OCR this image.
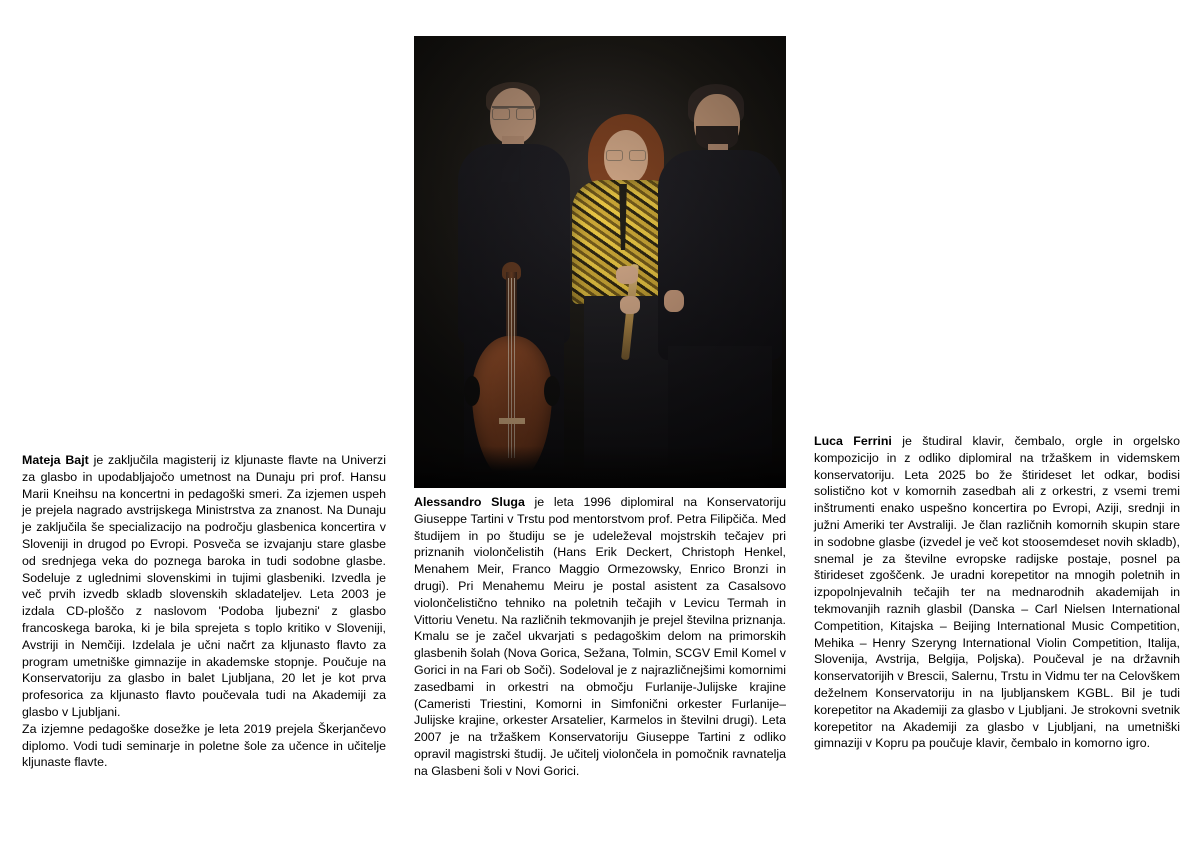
Mateja Bajt je zaključila magisterij iz kljunaste flavte na Univerzi za glasbo in upodabljajočo umetnost na Dunaju pri prof. Hansu Marii Kneihsu na koncertni in pedagoški smeri. Za izjemen uspeh je prejela nagrado avstrijskega Ministrstva za znanost. Na Dunaju je zaključila še specializacijo na področju glasbenica koncertira v Sloveniji in drugod po Evropi. Posveča se izvajanju stare glasbe od srednjega veka do poznega baroka in tudi sodobne glasbe. Sodeluje z uglednimi slovenskimi in tujimi glasbeniki. Izvedla je več prvih izvedb skladb slovenskih skladateljev. Leta 2003 je izdala CD-ploščo z naslovom 'Podoba ljubezni' z glasbo francoskega baroka, ki je bila sprejeta s toplo kritiko v Sloveniji, Avstriji in Nemčiji. Izdelala je učni načrt za kljunasto flavto za program umetniške gimnazije in akademske stopnje. Poučuje na Konservatoriju za glasbo in balet Ljubljana, 20 let je kot prva profesorica za kljunasto flavto poučevala tudi na Akademiji za glasbo v Ljubljani.

Za izjemne pedagoške dosežke je leta 2019 prejela Škerjančevo diplomo. Vodi tudi seminarje in poletne šole za učence in učitelje kljunaste flavte.

Alessandro Sluga je leta 1996 diplomiral na Konservatoriju Giuseppe Tartini v Trstu pod mentorstvom prof. Petra Filipčiča. Med študijem in po študiju se je udeleževal mojstrskih tečajev pri priznanih violončelistih (Hans Erik Deckert, Christoph Henkel, Menahem Meir, Franco Maggio Ormezowsky, Enrico Bronzi in drugi). Pri Menahemu Meiru je postal asistent za Casalsovo violončelistično tehniko na poletnih tečajih v Levicu Termah in Vittoriu Venetu. Na različnih tekmovanjih je prejel številna priznanja. Kmalu se je začel ukvarjati s pedagoškim delom na primorskih glasbenih šolah (Nova Gorica, Sežana, Tolmin, SCGV Emil Komel v Gorici in na Fari ob Soči). Sodeloval je z najrazličnejšimi komornimi zasedbami in orkestri na območju Furlanije-Julijske krajine (Cameristi Triestini, Komorni in Simfonični orkester Furlanije–Julijske krajine, orkester Arsatelier, Karmelos in številni drugi). Leta 2007 je na tržaškem Konservatoriju Giuseppe Tartini z odliko opravil magistrski študij. Je učitelj violončela in pomočnik ravnatelja na Glasbeni šoli v Novi Gorici.

Luca Ferrini je študiral klavir, čembalo, orgle in orgelsko kompozicijo in z odliko diplomiral na tržaškem in videmskem konservatoriju. Leta 2025 bo že štirideset let odkar, bodisi solistično kot v komornih zasedbah ali z orkestri, z vsemi tremi inštrumenti enako uspešno koncertira po Evropi, Aziji, srednji in južni Ameriki ter Avstraliji. Je član različnih komornih skupin stare in sodobne glasbe (izvedel je več kot stoosemdeset novih skladb), snemal je za številne evropske radijske postaje, posnel pa štirideset zgoščenk. Je uradni korepetitor na mnogih poletnih in izpopolnjevalnih tečajih ter na mednarodnih akademijah in tekmovanjih raznih glasbil (Danska – Carl Nielsen International Competition, Kitajska – Beijing International Music Competition, Mehika – Henry Szeryng International Violin Competition, Italija, Slovenija, Avstrija, Belgija, Poljska). Poučeval je na državnih konservatorijih v Brescii, Salernu, Trstu in Vidmu ter na Celovškem deželnem Konservatoriju in na ljubljanskem KGBL. Bil je tudi korepetitor na Akademiji za glasbo v Ljubljani. Je strokovni svetnik korepetitor na Akademiji za glasbo v Ljubljani, na umetniški gimnaziji v Kopru pa poučuje klavir, čembalo in komorno igro.
